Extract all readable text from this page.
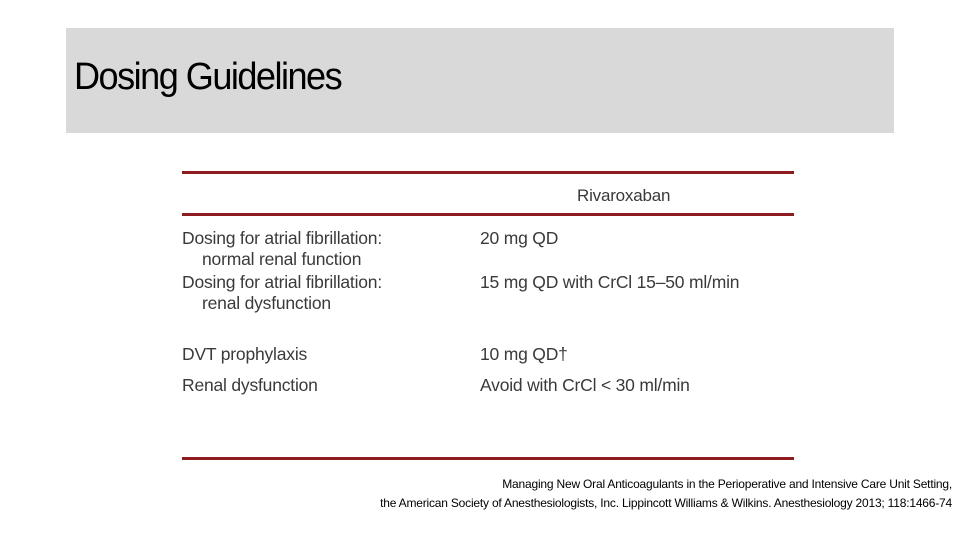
Dosing Guidelines
Rivaroxaban
Dosing for atrial fibrillation:
normal renal function
20 mg QD
Dosing for atrial fibrillation:
renal dysfunction
15 mg QD with CrCl 15–50 ml/min
DVT prophylaxis	10 mg QD†
Renal dysfunction	Avoid with CrCl < 30 ml/min
Managing New Oral Anticoagulants in the Perioperative and Intensive Care Unit Setting,
the American Society of Anesthesiologists, Inc. Lippincott Williams & Wilkins. Anesthesiology 2013; 118:1466-74
